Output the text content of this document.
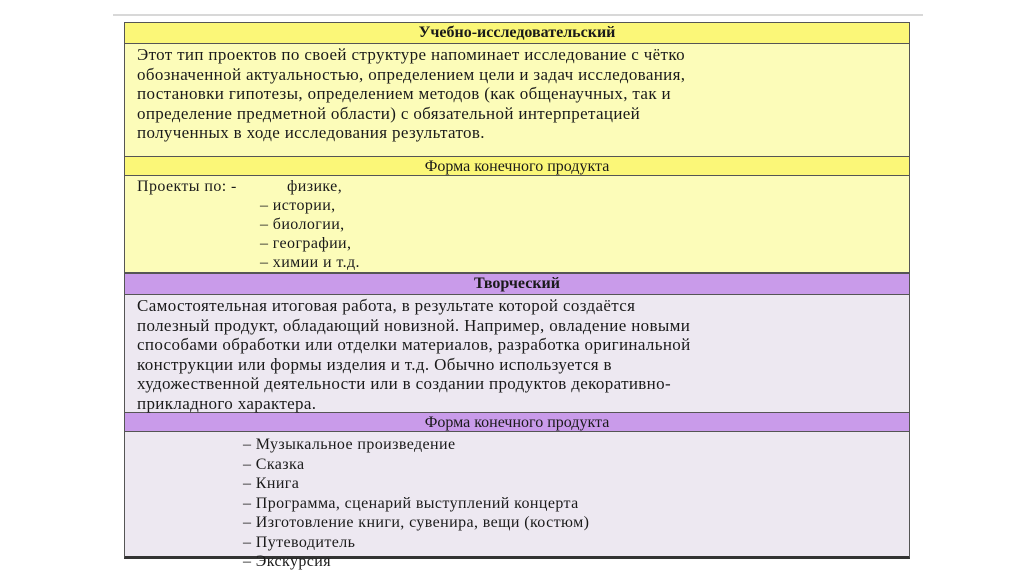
Учебно-исследовательский
Этот тип проектов по своей структуре напоминает исследование с чётко
обозначенной актуальностью, определением цели и задач исследования,
постановки гипотезы, определением методов (как общенаучных, так и
определение предметной области) с обязательной интерпретацией
полученных в ходе исследования результатов.
Форма конечного продукта
Проекты по: -	физике,
– истории,
– биологии,
– географии,
– химии и т.д.
Творческий
Самостоятельная итоговая работа, в результате которой создаётся
полезный продукт, обладающий новизной. Например, овладение новыми
способами обработки или отделки материалов, разработка оригинальной
конструкции или формы изделия и т.д. Обычно используется в
художественной деятельности или в создании продуктов декоративно-
прикладного характера.
Форма конечного продукта
– Музыкальное произведение
– Сказка
– Книга
– Программа, сценарий выступлений концерта
– Изготовление книги, сувенира, вещи (костюм)
– Путеводитель
– Экскурсия
